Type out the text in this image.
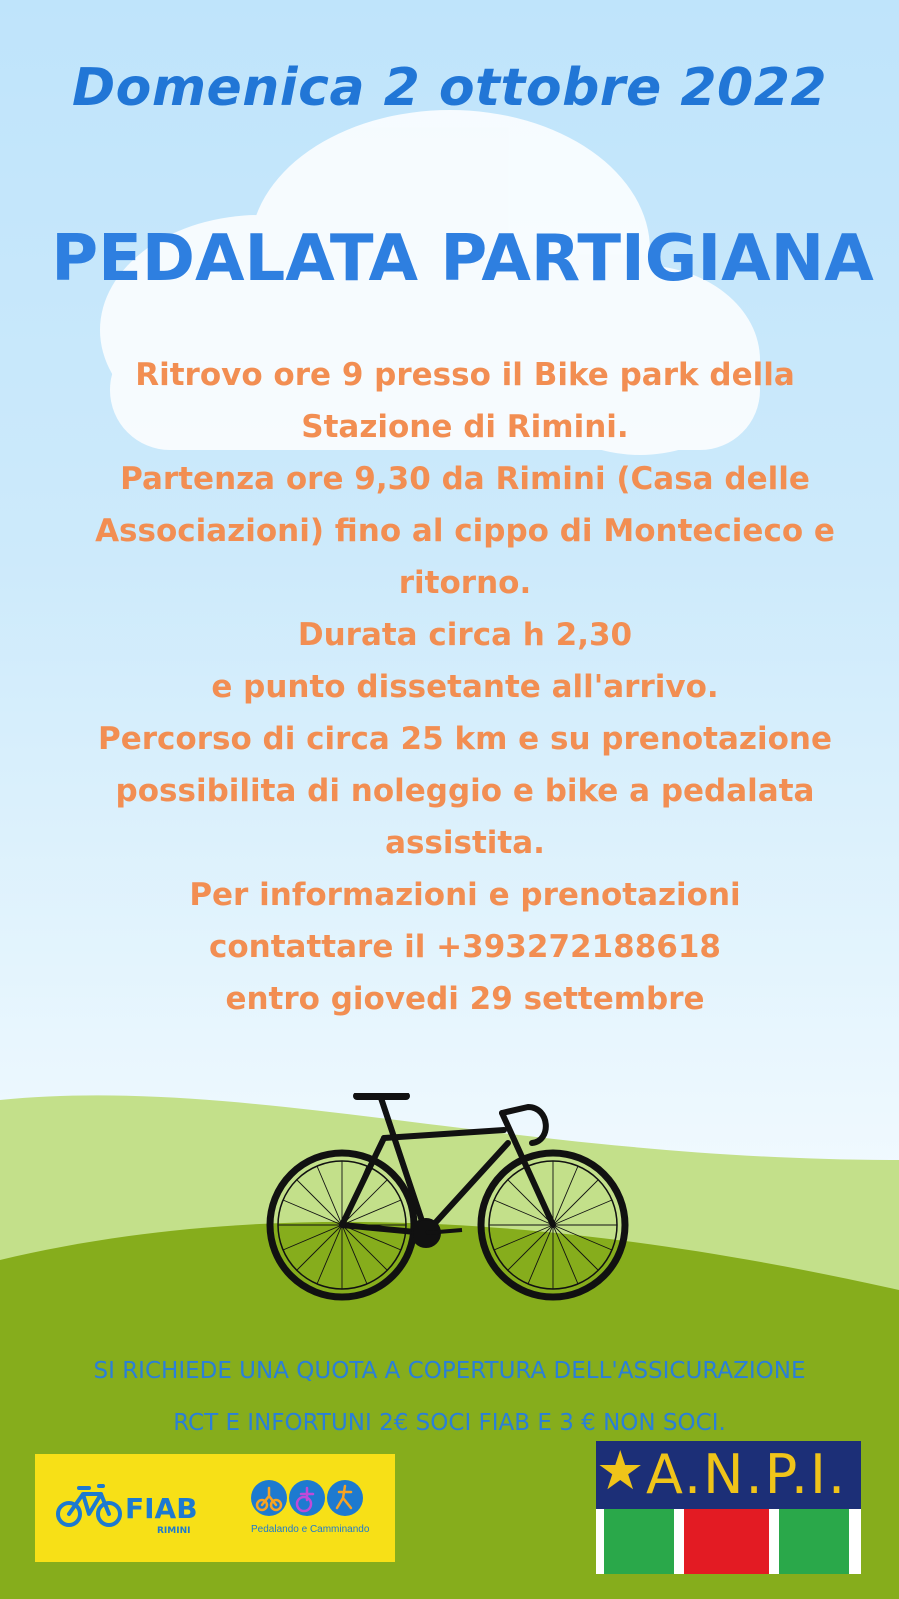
Domenica 2 ottobre 2022
PEDALATA PARTIGIANA
Ritrovo ore 9 presso il Bike park della
Stazione di Rimini.
Partenza ore 9,30 da Rimini (Casa delle
Associazioni) fino al cippo di Montecieco e
ritorno.
Durata circa h 2,30
e punto dissetante all'arrivo.
Percorso di circa 25 km e su prenotazione
possibilita di noleggio e bike a pedalata
assistita.
Per informazioni e prenotazioni
contattare il +393272188618
entro giovedi 29 settembre
SI RICHIEDE UNA QUOTA A COPERTURA DELL'ASSICURAZIONE
RCT E INFORTUNI 2€ SOCI FIAB E 3 € NON SOCI.
FIAB
RIMINI	Pedalando e Camminando
★ A.N.P.I.
